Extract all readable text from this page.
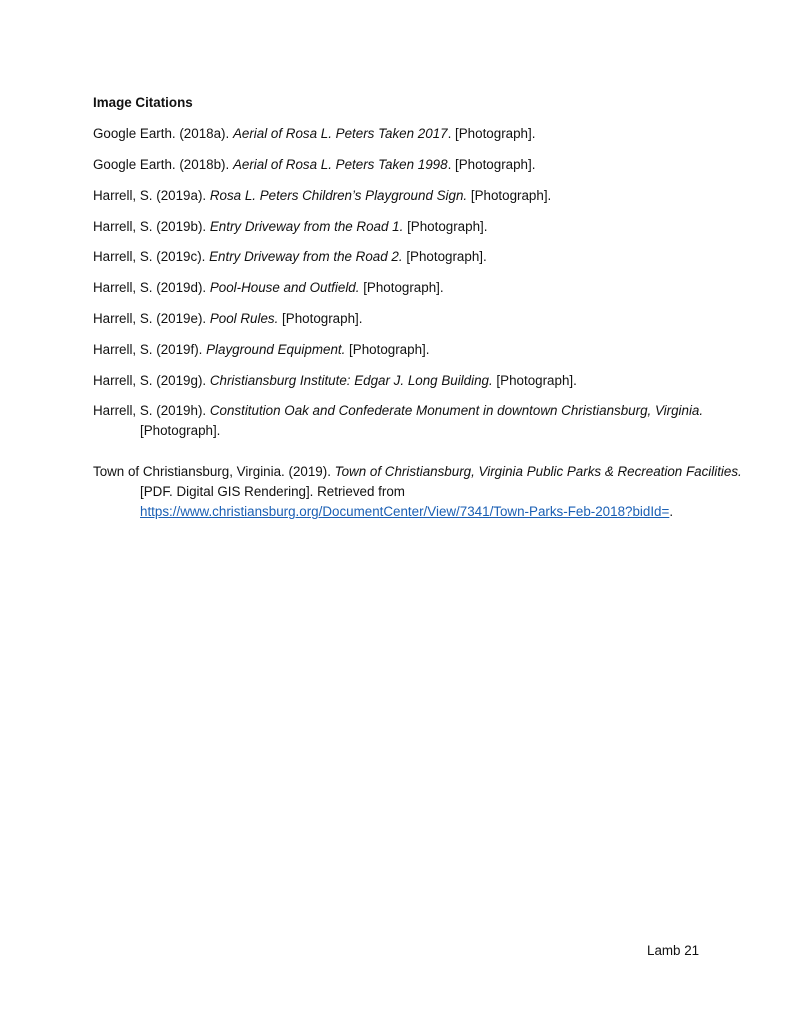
Image Citations
Google Earth. (2018a). Aerial of Rosa L. Peters Taken 2017. [Photograph].
Google Earth. (2018b). Aerial of Rosa L. Peters Taken 1998. [Photograph].
Harrell, S. (2019a). Rosa L. Peters Children’s Playground Sign. [Photograph].
Harrell, S. (2019b). Entry Driveway from the Road 1. [Photograph].
Harrell, S. (2019c). Entry Driveway from the Road 2. [Photograph].
Harrell, S. (2019d). Pool-House and Outfield. [Photograph].
Harrell, S. (2019e). Pool Rules. [Photograph].
Harrell, S. (2019f). Playground Equipment. [Photograph].
Harrell, S. (2019g). Christiansburg Institute: Edgar J. Long Building. [Photograph].
Harrell, S. (2019h). Constitution Oak and Confederate Monument in downtown Christiansburg, Virginia. [Photograph].
Town of Christiansburg, Virginia. (2019). Town of Christiansburg, Virginia Public Parks & Recreation Facilities. [PDF. Digital GIS Rendering]. Retrieved from https://www.christiansburg.org/DocumentCenter/View/7341/Town-Parks-Feb-2018?bidId=.
Lamb 21
